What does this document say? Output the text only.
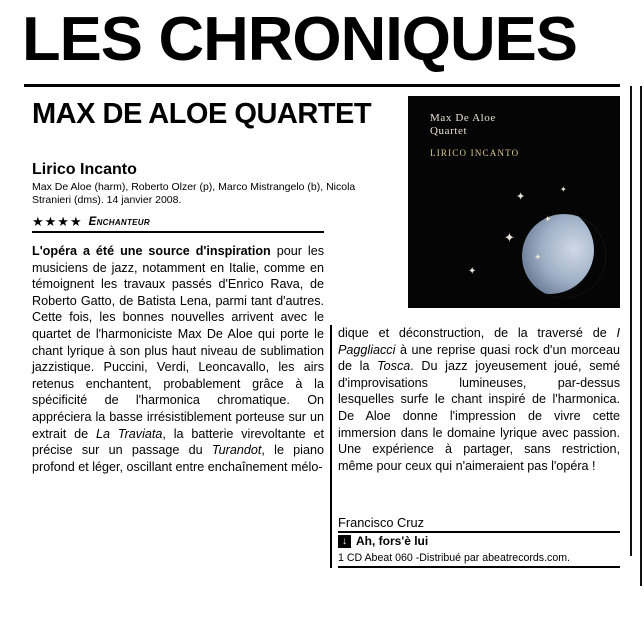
LES CHRONIQUES
MAX DE ALOE QUARTET
Lirico Incanto
Max De Aloe (harm), Roberto Olzer (p), Marco Mistrangelo (b), Nicola Stranieri (dms). 14 janvier 2008.
★★★★ Enchanteur
Max De Aloe
Quartet
LIRICO INCANTO
✦
✦
✦
✦
✦
✦
L'opéra a été une source d'inspiration pour les musiciens de jazz, notamment en Italie, comme en témoignent les travaux passés d'Enrico Rava, de Roberto Gatto, de Batista Lena, parmi tant d'autres. Cette fois, les bonnes nouvelles arrivent avec le quartet de l'harmoniciste Max De Aloe qui porte le chant lyrique à son plus haut niveau de sublimation jazzistique. Puccini, Verdi, Leoncavallo, les airs retenus enchantent, probablement grâce à la spécificité de l'harmonica chromatique. On appréciera la basse irrésistiblement porteuse sur un extrait de La Traviata, la batterie virevoltante et précise sur un passage du Turandot, le piano profond et léger, oscillant entre enchaînement mélo-
dique et déconstruction, de la traversé de I Paggliacci à une reprise quasi rock d'un morceau de la Tosca. Du jazz joyeusement joué, semé d'improvisations lumineuses, par-dessus lesquelles surfe le chant inspiré de l'harmonica. De Aloe donne l'impression de vivre cette immersion dans le domaine lyrique avec passion. Une expérience à partager, sans restriction, même pour ceux qui n'aimeraient pas l'opéra !
Francisco Cruz
↓ Ah, fors'è lui
1 CD Abeat 060 -Distribué par abeatrecords.com.
